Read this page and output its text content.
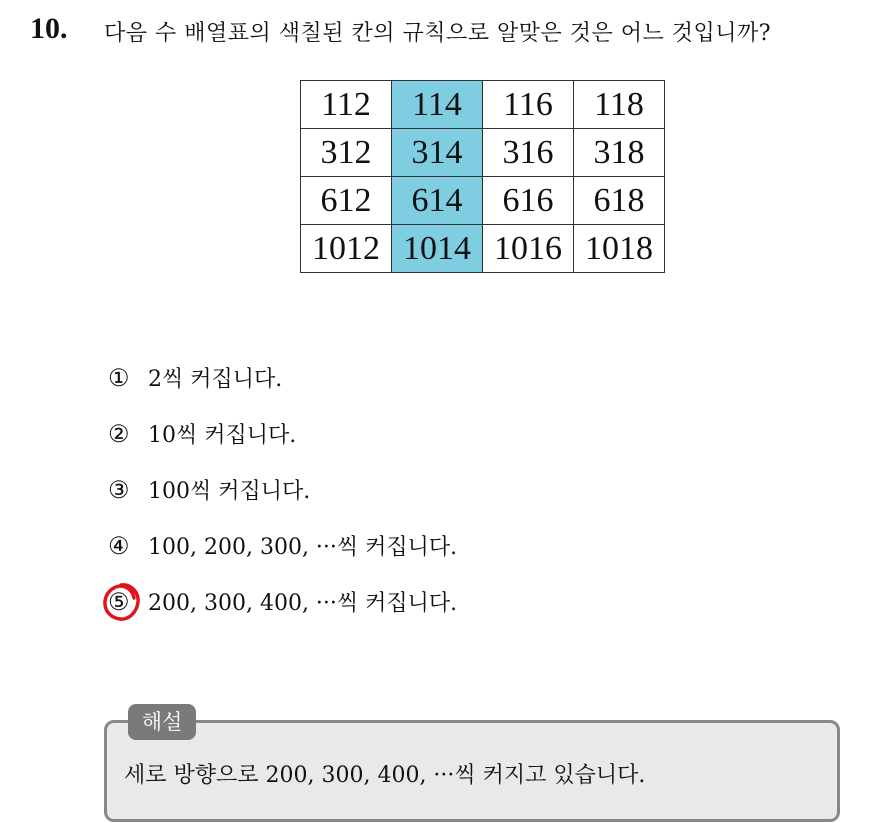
10. 다음 수 배열표의 색칠된 칸의 규칙으로 알맞은 것은 어느 것입니까?
112	114	116	118
312	314	316	318
612	614	616	618
1012	1014	1016	1018
① 2씩 커집니다.
② 10씩 커집니다.
③ 100씩 커집니다.
④ 100, 200, 300, ···씩 커집니다.
⑤ 200, 300, 400, ···씩 커집니다.
해설
세로 방향으로 200, 300, 400, ···씩 커지고 있습니다.
